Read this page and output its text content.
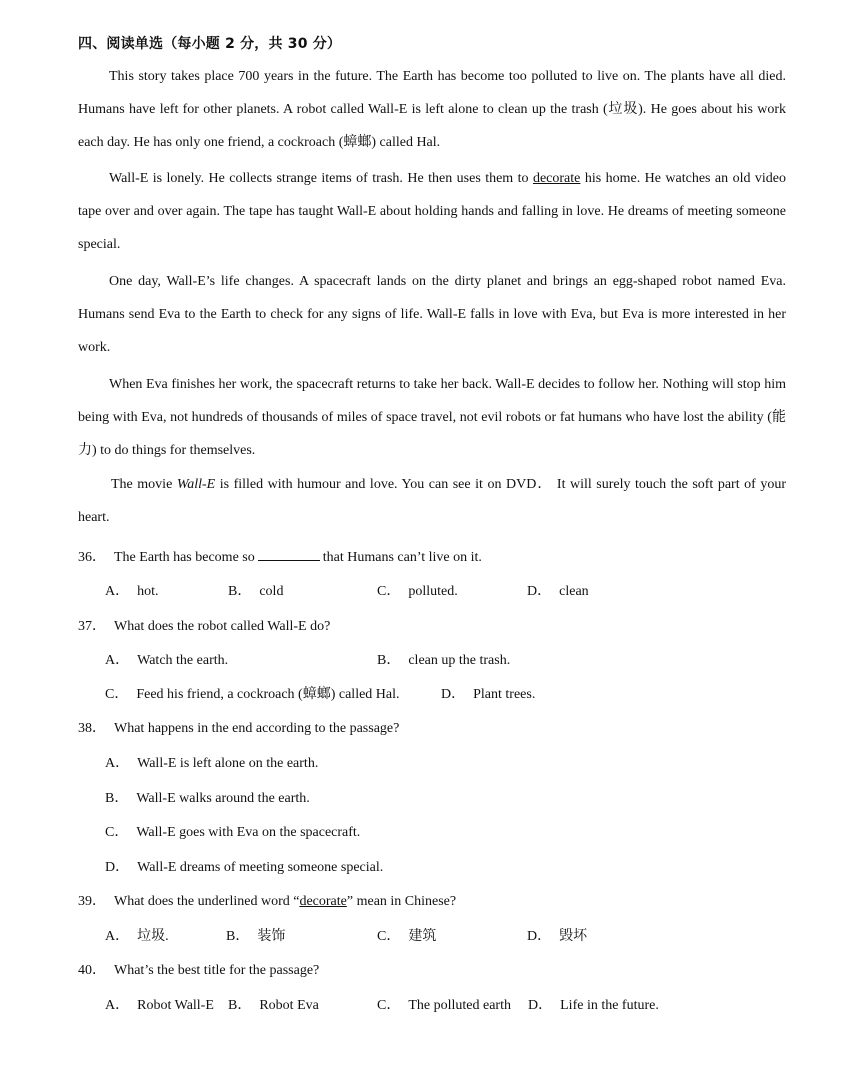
四、阅读单选（每小题 2 分，共 30 分）
This story takes place 700 years in the future. The Earth has become too polluted to live on. The plants have all died. Humans have left for other planets. A robot called Wall-E is left alone to clean up the trash (垃圾). He goes about his work each day. He has only one friend, a cockroach (蟑螂) called Hal.
Wall-E is lonely. He collects strange items of trash. He then uses them to decorate his home. He watches an old video tape over and over again. The tape has taught Wall-E about holding hands and falling in love. He dreams of meeting someone special.
One day, Wall-E’s life changes. A spacecraft lands on the dirty planet and brings an egg-shaped robot named Eva. Humans send Eva to the Earth to check for any signs of life. Wall-E falls in love with Eva, but Eva is more interested in her work.
When Eva finishes her work, the spacecraft returns to take her back. Wall-E decides to follow her. Nothing will stop him being with Eva, not hundreds of thousands of miles of space travel, not evil robots or fat humans who have lost the ability (能力) to do things for themselves.
The movie Wall-E is filled with humour and love. You can see it on DVD． It will surely touch the soft part of your heart.
36． The Earth has become so	that Humans can’t live on it.
A． hot.	B． cold	C． polluted.	D． clean
37． What does the robot called Wall-E do?
A． Watch the earth.	B． clean up the trash.
C． Feed his friend, a cockroach (蟑螂) called Hal.	D． Plant trees.
38． What happens in the end according to the passage?
A． Wall-E is left alone on the earth.
B． Wall-E walks around the earth.
C． Wall-E goes with Eva on the spacecraft.
D． Wall-E dreams of meeting someone special.
39． What does the underlined word “decorate” mean in Chinese?
A． 垃圾.	B． 装饰	C． 建筑	D． 毁坏
40． What’s the best title for the passage?
A． Robot Wall-E B． Robot Eva	C． The polluted earth D． Life in the future.
